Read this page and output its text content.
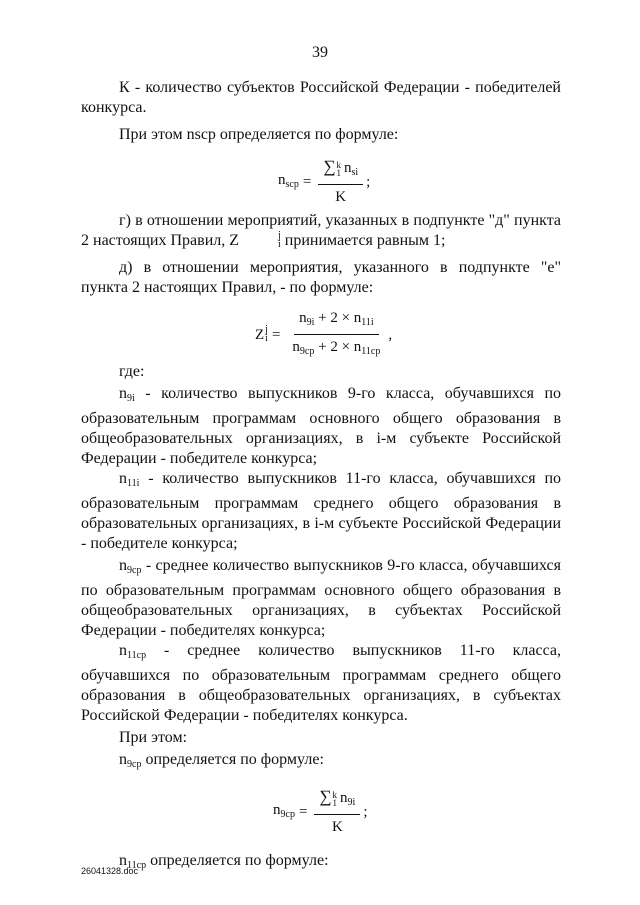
39

К - количество субъектов Российской Федерации - победителей конкурса.

При этом nsср определяется по формуле:

$n_{scp}$ = ∑ k
1 $n_{si}$
K ;

г) в отношении мероприятий, указанных в подпункте "д" пункта 2 настоящих Правил, Z	j
i принимается равным 1;

д) в отношении мероприятия, указанного в подпункте "е" пункта 2 настоящих Правил, - по формуле:

Z j
$i = \frac{n_{9i} + 2 \times n_{11i}}{n_{9ср} + 2 \times n_{11ср}}$ ,

где:

$n_{9i}$ - количество выпускников 9-го класса, обучавшихся по образовательным программам основного общего образования в общеобразовательных организациях, в i-м субъекте Российской Федерации - победителе конкурса;

$n_{11i}$ - количество выпускников 11-го класса, обучавшихся по образовательным программам среднего общего образования в образовательных организациях, в i-м субъекте Российской Федерации - победителе конкурса;

$n_{9ср}$ - среднее количество выпускников 9-го класса, обучавшихся по образовательным программам основного общего образования в общеобразовательных организациях, в субъектах Российской Федерации - победителях конкурса;

$n_{11ср}$ - среднее количество выпускников 11-го класса, обучавшихся по образовательным программам среднего общего образования в общеобразовательных организациях, в субъектах Российской Федерации - победителях конкурса.

При этом:

$n_{9ср}$ определяется по формуле:

$n_{9cp}$ = ∑ k
1 $n_{9i}$
K ;

$n_{11ср}$ определяется по формуле:

26041328.doc
